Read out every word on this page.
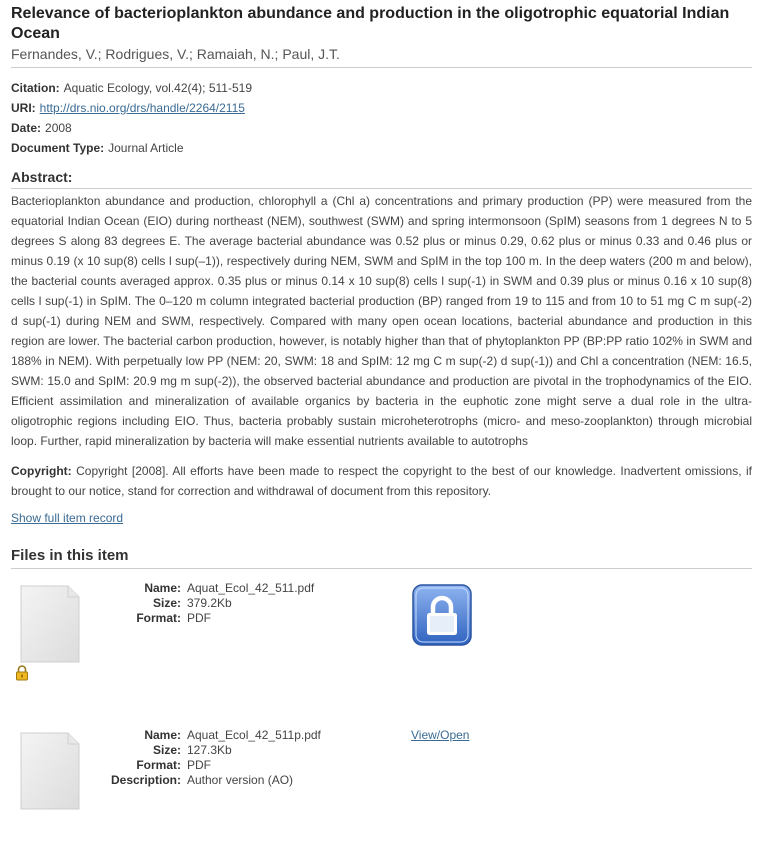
Relevance of bacterioplankton abundance and production in the oligotrophic equatorial Indian Ocean
Fernandes, V.; Rodrigues, V.; Ramaiah, N.; Paul, J.T.
Citation: Aquatic Ecology, vol.42(4); 511-519
URI: http://drs.nio.org/drs/handle/2264/2115
Date: 2008
Document Type: Journal Article
Abstract:
Bacterioplankton abundance and production, chlorophyll a (Chl a) concentrations and primary production (PP) were measured from the equatorial Indian Ocean (EIO) during northeast (NEM), southwest (SWM) and spring intermonsoon (SpIM) seasons from 1 degrees N to 5 degrees S along 83 degrees E. The average bacterial abundance was 0.52 plus or minus 0.29, 0.62 plus or minus 0.33 and 0.46 plus or minus 0.19 (x 10 sup(8) cells l sup(–1)), respectively during NEM, SWM and SpIM in the top 100 m. In the deep waters (200 m and below), the bacterial counts averaged approx. 0.35 plus or minus 0.14 x 10 sup(8) cells l sup(-1) in SWM and 0.39 plus or minus 0.16 x 10 sup(8) cells l sup(-1) in SpIM. The 0–120 m column integrated bacterial production (BP) ranged from 19 to 115 and from 10 to 51 mg C m sup(-2) d sup(-1) during NEM and SWM, respectively. Compared with many open ocean locations, bacterial abundance and production in this region are lower. The bacterial carbon production, however, is notably higher than that of phytoplankton PP (BP:PP ratio 102% in SWM and 188% in NEM). With perpetually low PP (NEM: 20, SWM: 18 and SpIM: 12 mg C m sup(-2) d sup(-1)) and Chl a concentration (NEM: 16.5, SWM: 15.0 and SpIM: 20.9 mg m sup(-2)), the observed bacterial abundance and production are pivotal in the trophodynamics of the EIO. Efficient assimilation and mineralization of available organics by bacteria in the euphotic zone might serve a dual role in the ultra-oligotrophic regions including EIO. Thus, bacteria probably sustain microheterotrophs (micro- and meso-zooplankton) through microbial loop. Further, rapid mineralization by bacteria will make essential nutrients available to autotrophs
Copyright: Copyright [2008]. All efforts have been made to respect the copyright to the best of our knowledge. Inadvertent omissions, if brought to our notice, stand for correction and withdrawal of document from this repository.
Show full item record
Files in this item
Name: Aquat_Ecol_42_511.pdf
Size: 379.2Kb
Format: PDF
Name: Aquat_Ecol_42_511p.pdf
Size: 127.3Kb
Format: PDF
Description: Author version (AO)
View/Open
